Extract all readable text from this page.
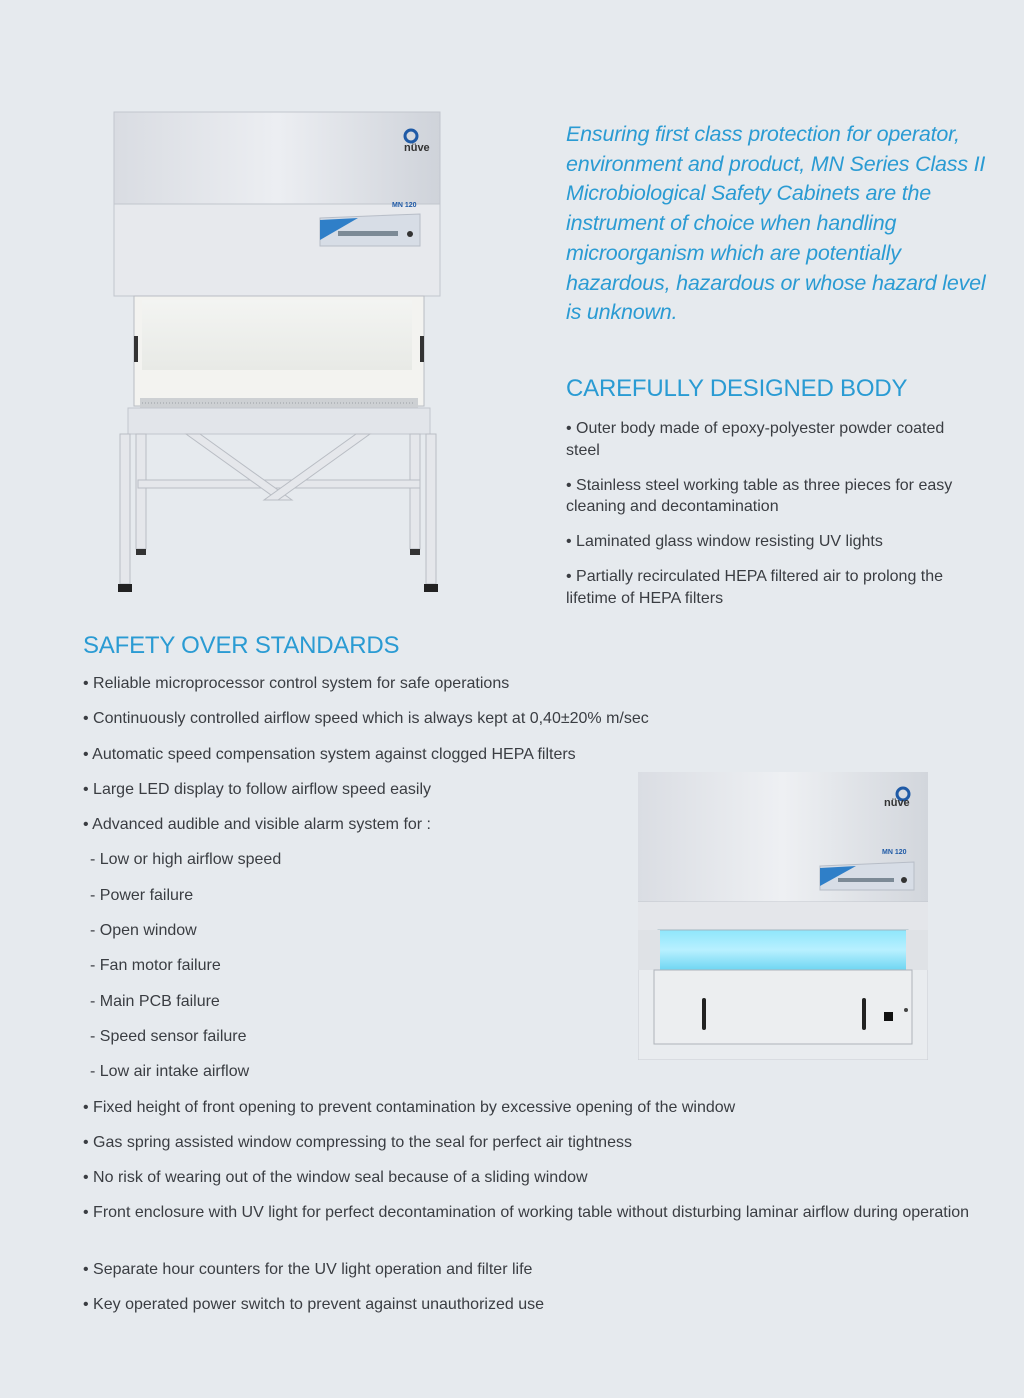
nüve
MN 120
Ensuring first class protection for operator, environment and product, MN Series Class II Microbiological Safety Cabinets are the instrument of choice when handling microorganism which are potentially hazardous, hazardous or whose hazard level is unknown.
CAREFULLY DESIGNED BODY
• Outer body made of epoxy-polyester powder coated steel
• Stainless steel working table as three pieces for easy cleaning and decontamination
• Laminated glass window resisting UV lights
• Partially recirculated HEPA filtered air to prolong the lifetime of HEPA filters
SAFETY OVER STANDARDS
• Reliable microprocessor control system for safe operations
• Continuously controlled airflow speed which is always kept at 0,40±20% m/sec
• Automatic speed compensation system against clogged HEPA filters
• Large LED display to follow airflow speed easily
• Advanced audible and visible alarm system for :
- Low or high airflow speed
- Power failure
- Open window
- Fan motor failure
- Main PCB failure
- Speed sensor failure
- Low air intake airflow
• Fixed height of front opening to prevent contamination by excessive opening of the window
• Gas spring assisted window compressing to the seal for perfect air tightness
• No risk of wearing out of the window seal because of a sliding window
• Front enclosure with UV light for perfect decontamination of working table without disturbing laminar airflow during operation
• Separate hour counters for the UV light operation and filter life
• Key operated power switch to prevent against unauthorized use
nüve
MN 120
